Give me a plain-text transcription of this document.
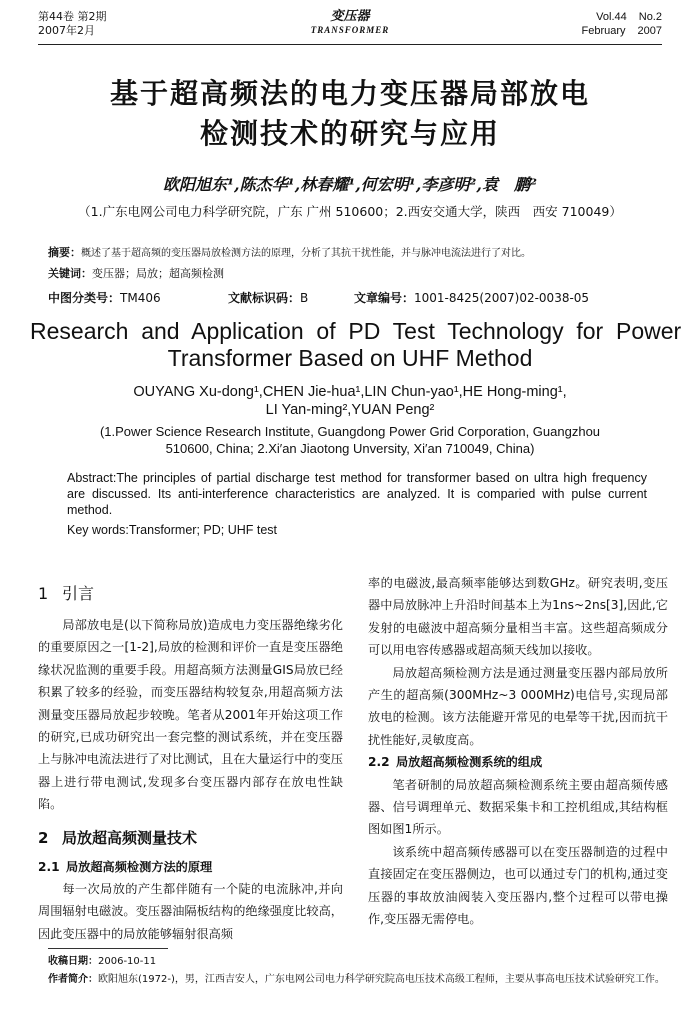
第44卷 第2期
2007年2月
变压器
TRANSFORMER
Vol.44 No.2
February 2007
基于超高频法的电力变压器局部放电
检测技术的研究与应用
欧阳旭东¹,陈杰华¹,林春耀¹,何宏明¹,李彦明²,袁　鹏²
（1.广东电网公司电力科学研究院，广东 广州 510600；2.西安交通大学，陕西　西安 710049）
摘要：概述了基于超高频的变压器局放检测方法的原理，分析了其抗干扰性能，并与脉冲电流法进行了对比。
关键词：变压器；局放；超高频检测
中图分类号：TM406	文献标识码：B	文章编号：1001-8425(2007)02-0038-05
Research  and  Application  of  PD  Test  Technology  for  Power
Transformer Based on UHF Method
OUYANG Xu-dong¹,CHEN Jie-hua¹,LIN Chun-yao¹,HE Hong-ming¹,
LI Yan-ming²,YUAN Peng²
(1.Power Science Research Institute, Guangdong Power Grid Corporation, Guangzhou
510600, China; 2.Xi′an Jiaotong Unversity, Xi′an 710049, China)
Abstract:The principles of partial discharge test method for transformer based on ultra high frequency are discussed. Its anti-interference characteristics are analyzed. It is comparied with pulse current method.
Key words:Transformer; PD; UHF test
1 引言

局部放电是(以下简称局放)造成电力变压器绝缘劣化的重要原因之一[1-2],局放的检测和评价一直是变压器绝缘状况监测的重要手段。用超高频方法测量GIS局放已经积累了较多的经验，而变压器结构较复杂,用超高频方法测量变压器局放起步较晚。笔者从2001年开始这项工作的研究,已成功研究出一套完整的测试系统，并在变压器上与脉冲电流法进行了对比测试，且在大量运行中的变压器上进行带电测试,发现多台变压器内部存在放电性缺陷。

2 局放超高频测量技术
2.1 局放超高频检测方法的原理

每一次局放的产生都伴随有一个陡的电流脉冲,并向周围辐射电磁波。变压器油隔板结构的绝缘强度比较高，因此变压器中的局放能够辐射很高频

率的电磁波,最高频率能够达到数GHz。研究表明,变压器中局放脉冲上升沿时间基本上为1ns~2ns[3],因此,它发射的电磁波中超高频分量相当丰富。这些超高频成分可以用电容传感器或超高频天线加以接收。

局放超高频检测方法是通过测量变压器内部局放所产生的超高频(300MHz~3 000MHz)电信号,实现局部放电的检测。该方法能避开常见的电晕等干扰,因而抗干扰性能好,灵敏度高。

2.2 局放超高频检测系统的组成

笔者研制的局放超高频检测系统主要由超高频传感器、信号调理单元、数据采集卡和工控机组成,其结构框图如图1所示。

该系统中超高频传感器可以在变压器制造的过程中直接固定在变压器侧边，也可以通过专门的机构,通过变压器的事故放油阀装入变压器内,整个过程可以带电操作,变压器无需停电。

收稿日期：2006-10-11
作者简介：欧阳旭东(1972-)，男，江西吉安人，广东电网公司电力科学研究院高电压技术高级工程师，主要从事高电压技术试验研究工作。
